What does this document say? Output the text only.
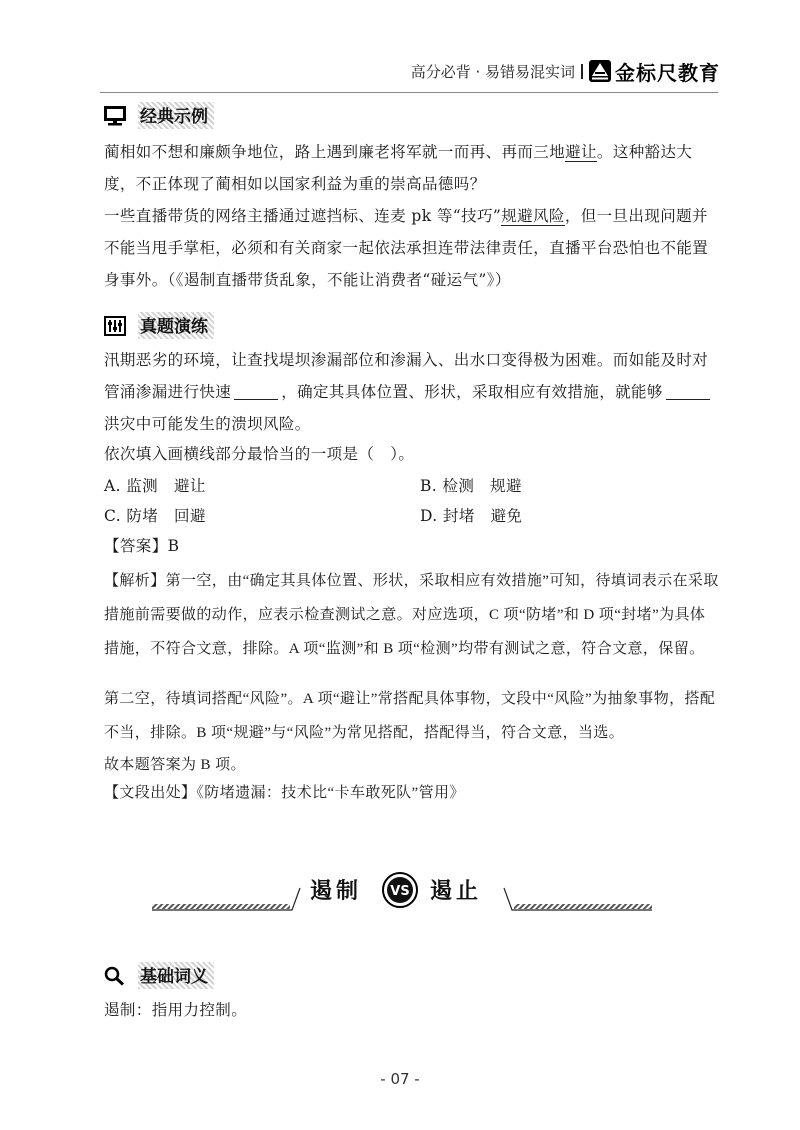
高分必背 · 易错易混实词 金标尺教育
经典示例

蔺相如不想和廉颇争地位，路上遇到廉老将军就一而再、再而三地避让。这种豁达大度，不正体现了蔺相如以国家利益为重的崇高品德吗？

一些直播带货的网络主播通过遮挡标、连麦 pk 等“技巧”规避风险，但一旦出现问题并不能当甩手掌柜，必须和有关商家一起依法承担连带法律责任，直播平台恐怕也不能置身事外。（《遏制直播带货乱象，不能让消费者“碰运气”》）

真题演练

汛期恶劣的环境，让查找堤坝渗漏部位和渗漏入、出水口变得极为困难。而如能及时对管涌渗漏进行快速	，确定其具体位置、形状，采取相应有效措施，就能够洪灾中可能发生的溃坝风险。

依次填入画横线部分最恰当的一项是（　）。
A. 监测　避让	B. 检测　规避
C. 防堵　回避	D. 封堵　避免
【答案】B

【解析】第一空，由“确定其具体位置、形状，采取相应有效措施”可知，待填词表示在采取措施前需要做的动作，应表示检查测试之意。对应选项，C 项“防堵”和 D 项“封堵”为具体措施，不符合文意，排除。A 项“监测”和 B 项“检测”均带有测试之意，符合文意，保留。

第二空，待填词搭配“风险”。A 项“避让”常搭配具体事物，文段中“风险”为抽象事物，搭配不当，排除。B 项“规避”与“风险”为常见搭配，搭配得当，符合文意，当选。

故本题答案为 B 项。

【文段出处】《防堵遗漏：技术比“卡车敢死队”管用》

遏制 VS 遏止
基础词义

遏制：指用力控制。

- 07 -
